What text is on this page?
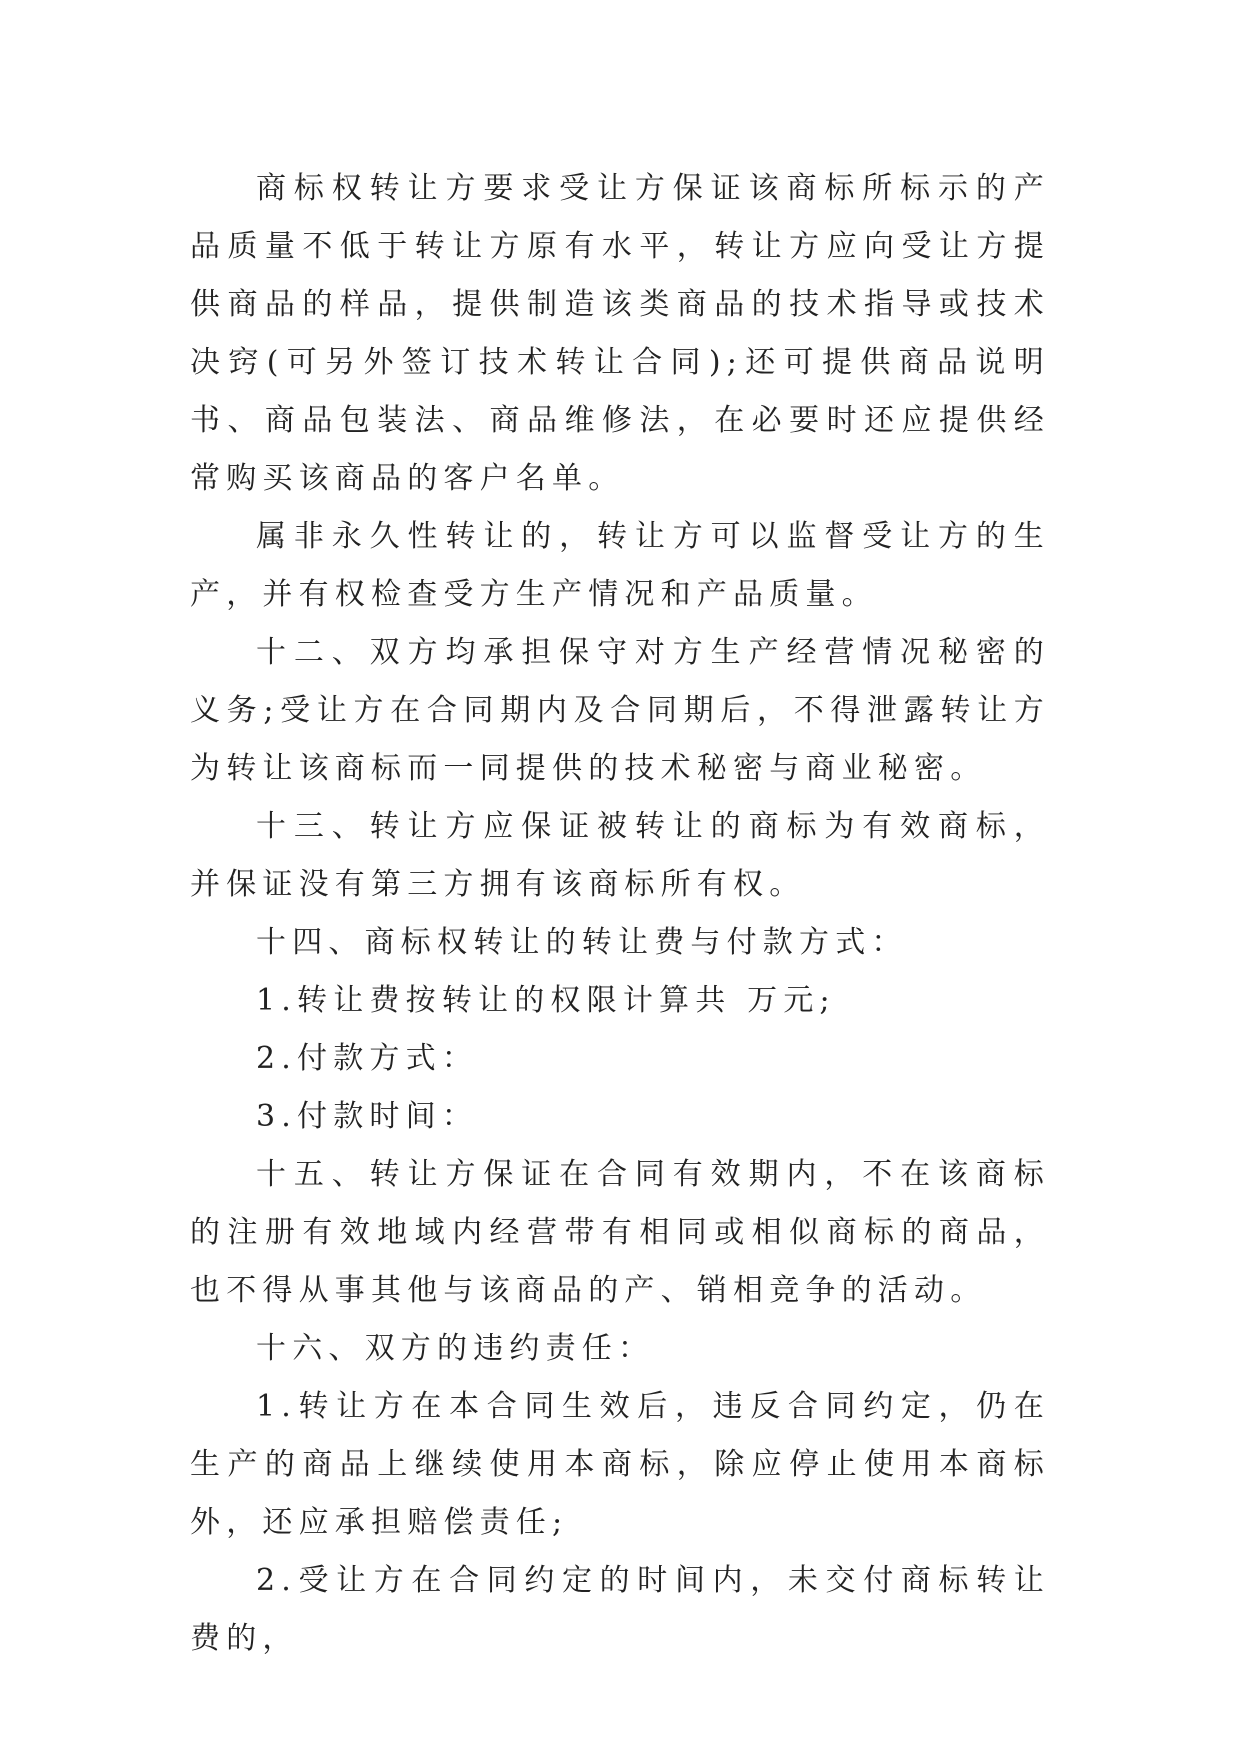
商标权转让方要求受让方保证该商标所标示的产品质量不低于转让方原有水平，转让方应向受让方提供商品的样品，提供制造该类商品的技术指导或技术决窍(可另外签订技术转让合同);还可提供商品说明书、商品包装法、商品维修法，在必要时还应提供经常购买该商品的客户名单。

属非永久性转让的，转让方可以监督受让方的生产，并有权检查受方生产情况和产品质量。

十二、双方均承担保守对方生产经营情况秘密的义务;受让方在合同期内及合同期后，不得泄露转让方为转让该商标而一同提供的技术秘密与商业秘密。

十三、转让方应保证被转让的商标为有效商标，并保证没有第三方拥有该商标所有权。

十四、商标权转让的转让费与付款方式：

1.转让费按转让的权限计算共 万元;

2.付款方式：

3.付款时间：

十五、转让方保证在合同有效期内，不在该商标的注册有效地域内经营带有相同或相似商标的商品，也不得从事其他与该商品的产、销相竞争的活动。

十六、双方的违约责任：

1.转让方在本合同生效后，违反合同约定，仍在生产的商品上继续使用本商标，除应停止使用本商标外，还应承担赔偿责任;

2.受让方在合同约定的时间内，未交付商标转让费的，
